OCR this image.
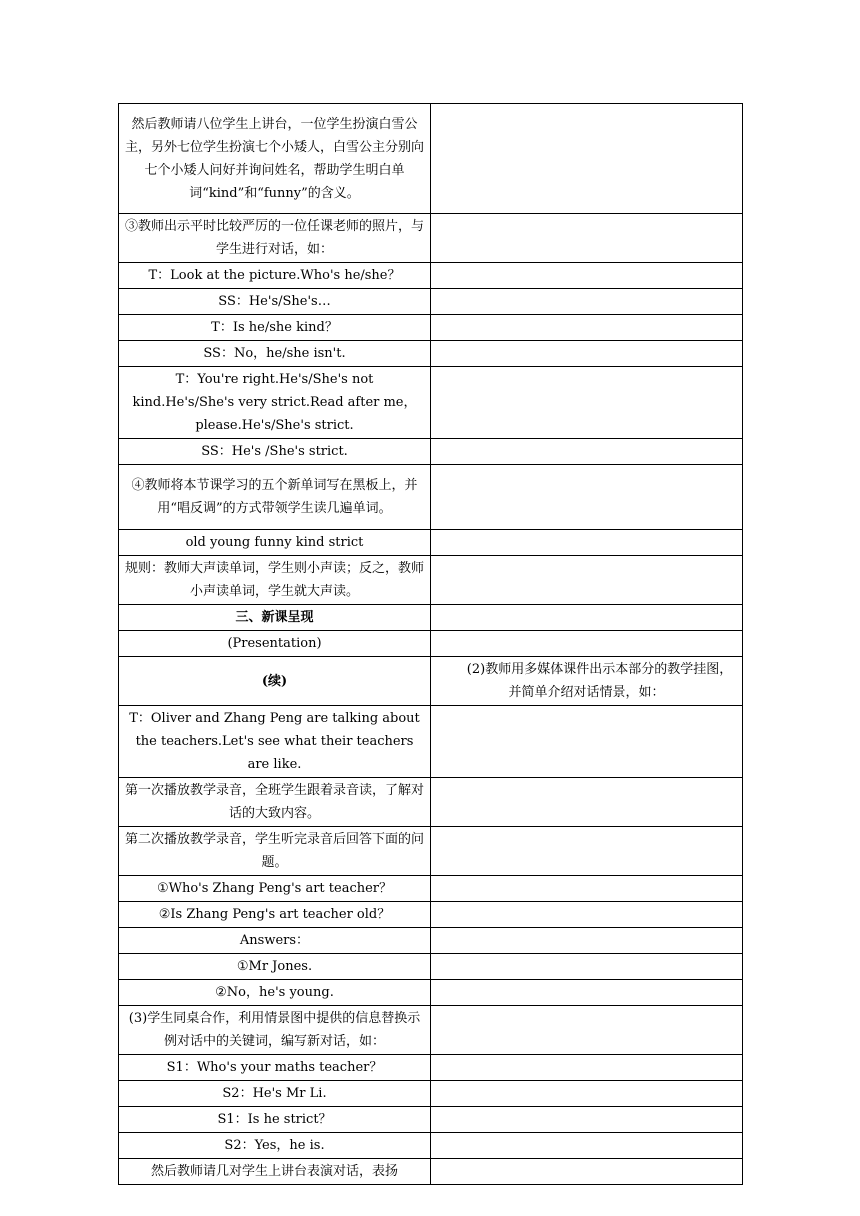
然后教师请八位学生上讲台，一位学生扮演白雪公主，另外七位学生扮演七个小矮人，白雪公主分别向七个小矮人问好并询问姓名，帮助学生明白单词“kind”和“funny”的含义。	
③教师出示平时比较严厉的一位任课老师的照片，与学生进行对话，如：	
T：Look at the picture.Who's he/she？	
SS：He's/She's…	
T：Is he/she kind？	
SS：No，he/she isn't.	
T：You're right.He's/She's not kind.He's/She's very strict.Read after me，please.He's/She's strict.	
SS：He's /She's strict.	
④教师将本节课学习的五个新单词写在黑板上，并用“唱反调”的方式带领学生读几遍单词。	
old young funny kind strict	
规则：教师大声读单词，学生则小声读；反之，教师小声读单词，学生就大声读。	
三、新课呈现	
(Presentation)	
(续)	(2)教师用多媒体课件出示本部分的教学挂图，并简单介绍对话情景，如：
T：Oliver and Zhang Peng are talking about the teachers.Let's see what their teachers are like.	
第一次播放教学录音，全班学生跟着录音读，了解对话的大致内容。	
第二次播放教学录音，学生听完录音后回答下面的问题。	
①Who's Zhang Peng's art teacher？	
②Is Zhang Peng's art teacher old？	
Answers：	
①Mr Jones.	
②No，he's young.	
(3)学生同桌合作，利用情景图中提供的信息替换示例对话中的关键词，编写新对话，如：	
S1：Who's your maths teacher？	
S2：He's Mr Li.	
S1：Is he strict？	
S2：Yes，he is.	
然后教师请几对学生上讲台表演对话，表扬	
